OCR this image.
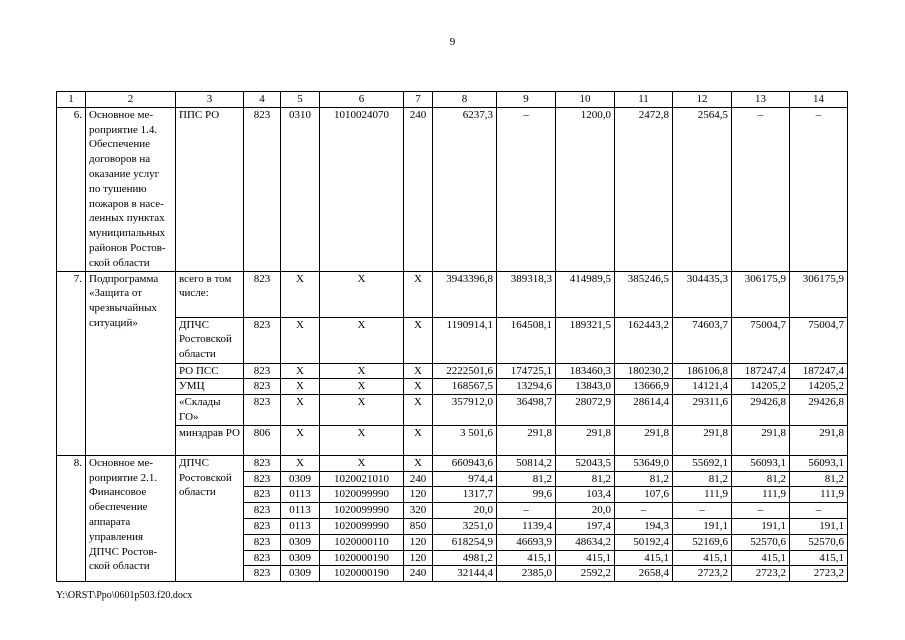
9
1	2	3	4	5	6	7	8	9	10	11	12	13	14
6.	Основное ме-роприятие 1.4. Обеспечение договоров на оказание услуг по тушению пожаров в насе-ленных пунктах муниципальных районов Ростов-ской области	ППС РО	823	0310	1010024070	240	6237,3	–	1200,0	2472,8	2564,5	–	–
7.	Подпрограмма «Защита от чрезвычайных ситуаций»	всего в том числе:	823	Х	Х	Х	3943396,8	389318,3	414989,5	385246,5	304435,3	306175,9	306175,9
		ДПЧС Ростовской области	823	Х	Х	Х	1190914,1	164508,1	189321,5	162443,2	74603,7	75004,7	75004,7
		РО ПСС	823	Х	Х	Х	2222501,6	174725,1	183460,3	180230,2	186106,8	187247,4	187247,4
		УМЦ	823	Х	Х	Х	168567,5	13294,6	13843,0	13666,9	14121,4	14205,2	14205,2
		«Склады ГО»	823	Х	Х	Х	357912,0	36498,7	28072,9	28614,4	29311,6	29426,8	29426,8
		минздрав РО	806	Х	Х	Х	3 501,6	291,8	291,8	291,8	291,8	291,8	291,8
8.	Основное ме-роприятие 2.1. Финансовое обеспечение аппарата управления ДПЧС Ростов-ской области	ДПЧС Ростовской области	823	Х	Х	Х	660943,6	50814,2	52043,5	53649,0	55692,1	56093,1	56093,1
			823	0309	1020021010	240	974,4	81,2	81,2	81,2	81,2	81,2	81,2
			823	0113	1020099990	120	1317,7	99,6	103,4	107,6	111,9	111,9	111,9
			823	0113	1020099990	320	20,0	–	20,0	–	–	–	–
			823	0113	1020099990	850	3251,0	1139,4	197,4	194,3	191,1	191,1	191,1
			823	0309	1020000110	120	618254,9	46693,9	48634,2	50192,4	52169,6	52570,6	52570,6
			823	0309	1020000190	120	4981,2	415,1	415,1	415,1	415,1	415,1	415,1
			823	0309	1020000190	240	32144,4	2385,0	2592,2	2658,4	2723,2	2723,2	2723,2
Y:\ORST\Ppo\0601p503.f20.docx
